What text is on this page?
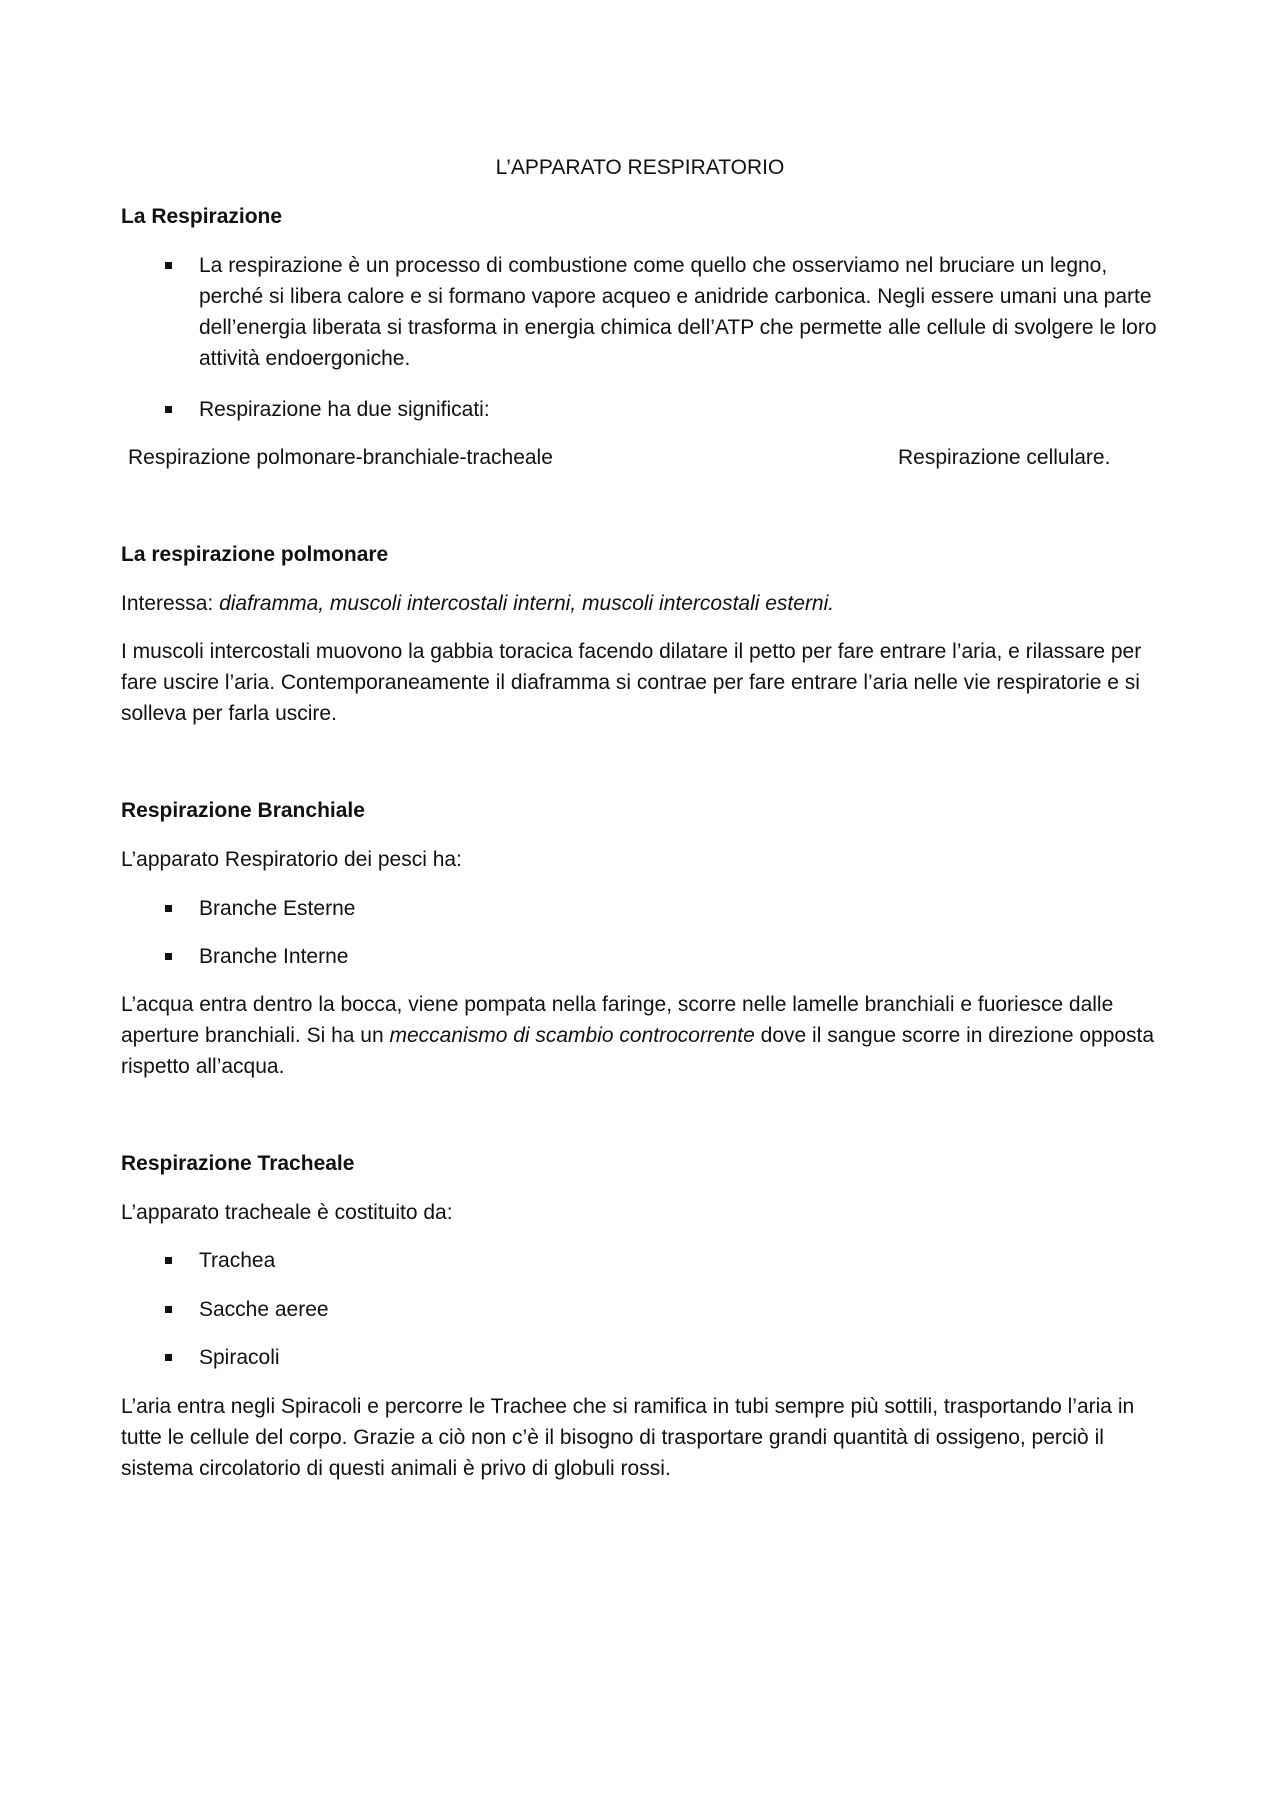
L’APPARATO RESPIRATORIO
La Respirazione
La respirazione è un processo di combustione come quello che osserviamo nel bruciare un legno, perché si libera calore e si formano vapore acqueo e anidride carbonica. Negli essere umani una parte dell’energia liberata si trasforma in energia chimica dell’ATP che permette alle cellule di svolgere le loro attività endoergoniche.
Respirazione ha due significati:
Respirazione polmonare-branchiale-tracheale	Respirazione cellulare.
La respirazione polmonare
Interessa: diaframma, muscoli intercostali interni, muscoli intercostali esterni.
I muscoli intercostali muovono la gabbia toracica facendo dilatare il petto per fare entrare l’aria, e rilassare per fare uscire l’aria. Contemporaneamente il diaframma si contrae per fare entrare l’aria nelle vie respiratorie e si solleva per farla uscire.
Respirazione Branchiale
L’apparato Respiratorio dei pesci ha:
Branche Esterne
Branche Interne
L’acqua entra dentro la bocca, viene pompata nella faringe, scorre nelle lamelle branchiali e fuoriesce dalle aperture branchiali. Si ha un meccanismo di scambio controcorrente dove il sangue scorre in direzione opposta rispetto all’acqua.
Respirazione Tracheale
L’apparato tracheale è costituito da:
Trachea
Sacche aeree
Spiracoli
L’aria entra negli Spiracoli e percorre le Trachee che si ramifica in tubi sempre più sottili, trasportando l’aria in tutte le cellule del corpo. Grazie a ciò non c’è il bisogno di trasportare grandi quantità di ossigeno, perciò il sistema circolatorio di questi animali è privo di globuli rossi.
